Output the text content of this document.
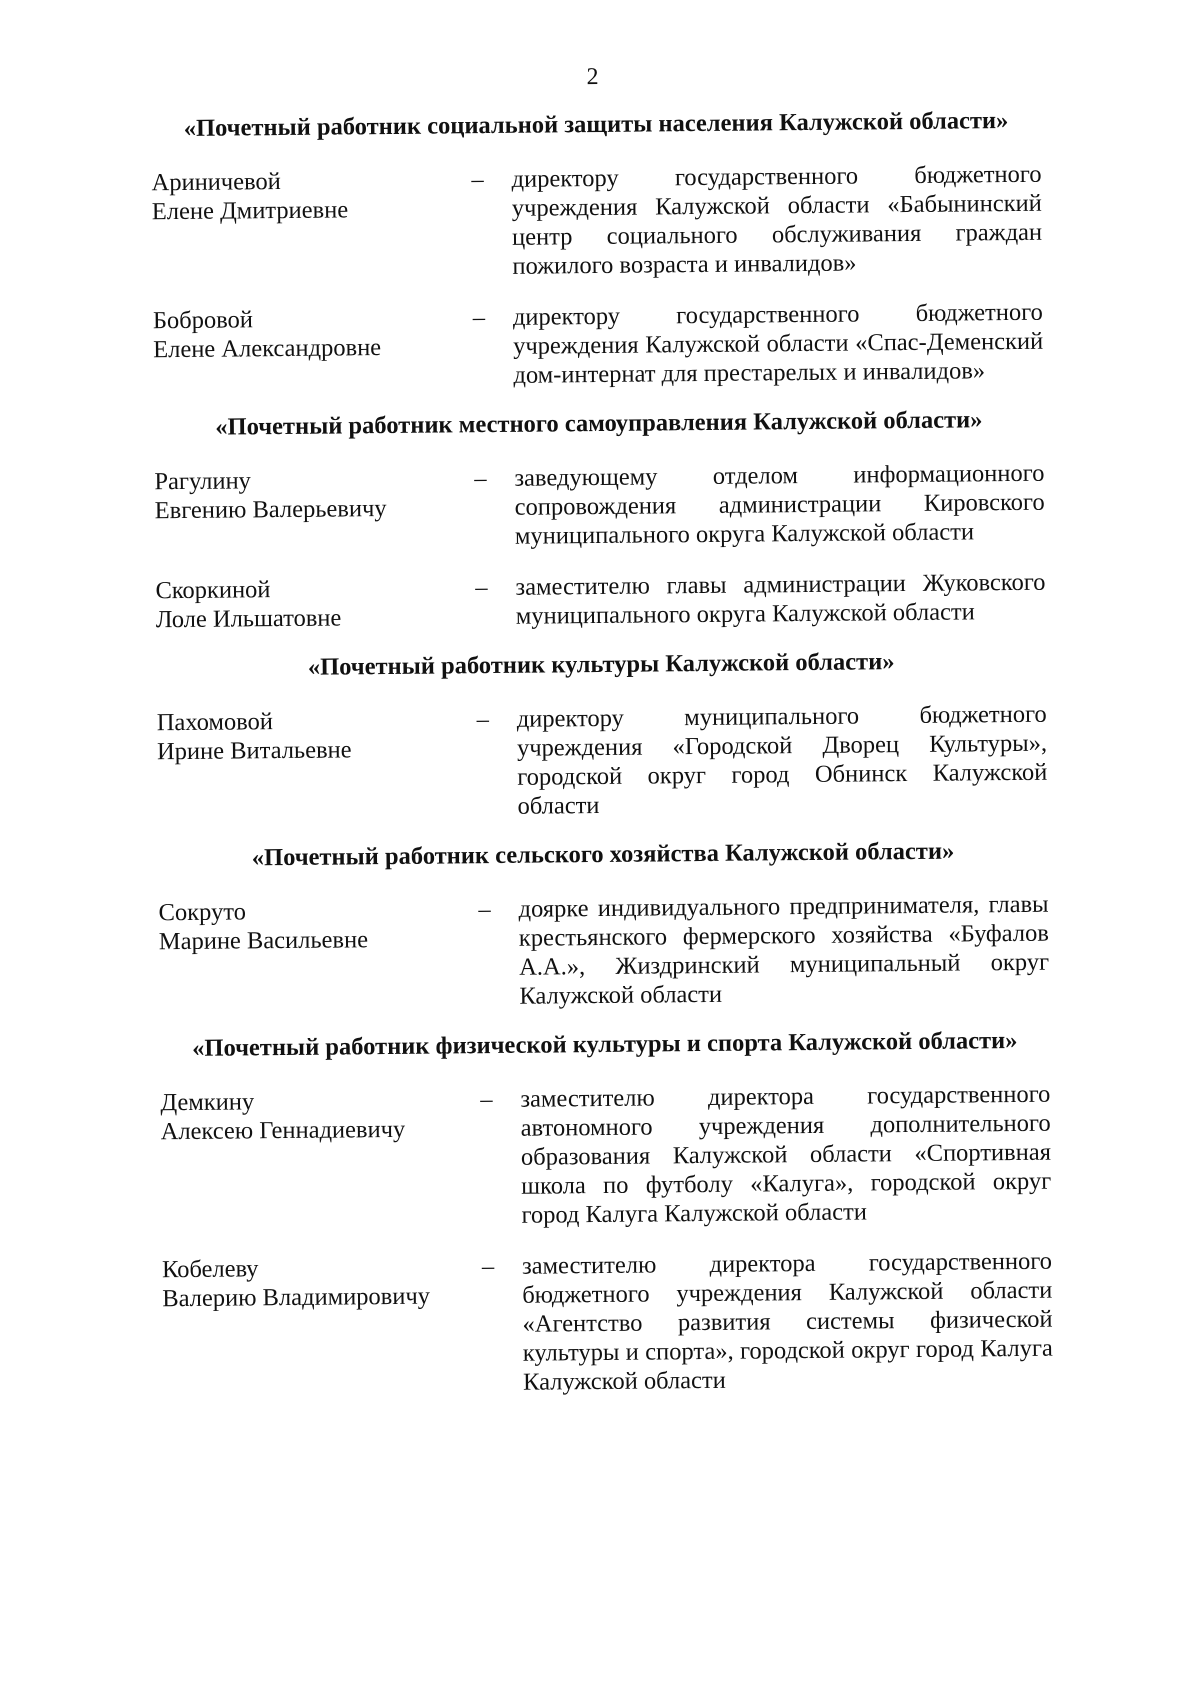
2
«Почетный работник социальной защиты населения Калужской области»
Ариничевой
Елене Дмитриевне
–	директору государственного бюджетного учреждения Калужской области «Бабынинский центр социального обслуживания граждан пожилого возраста и инвалидов»
Бобровой
Елене Александровне
–	директору государственного бюджетного учреждения Калужской области «Спас-Деменский дом-интернат для престарелых и инвалидов»
«Почетный работник местного самоуправления Калужской области»
Рагулину
Евгению Валерьевичу
–	заведующему отделом информационного сопровождения администрации Кировского муниципального округа Калужской области
Скоркиной
Лоле Ильшатовне
–	заместителю главы администрации Жуковского муниципального округа Калужской области
«Почетный работник культуры Калужской области»
Пахомовой
Ирине Витальевне
–	директору муниципального бюджетного учреждения «Городской Дворец Культуры», городской округ город Обнинск Калужской области
«Почетный работник сельского хозяйства Калужской области»
Сокруто
Марине Васильевне
–	доярке индивидуального предпринимателя, главы крестьянского фермерского хозяйства «Буфалов А.А.», Жиздринский муниципальный округ Калужской области
«Почетный работник физической культуры и спорта Калужской области»
Демкину
Алексею Геннадиевичу
–	заместителю директора государственного автономного учреждения дополнительного образования Калужской области «Спортивная школа по футболу «Калуга», городской округ город Калуга Калужской области
Кобелеву
Валерию Владимировичу
–	заместителю директора государственного бюджетного учреждения Калужской области «Агентство развития системы физической культуры и спорта», городской округ город Калуга Калужской области
